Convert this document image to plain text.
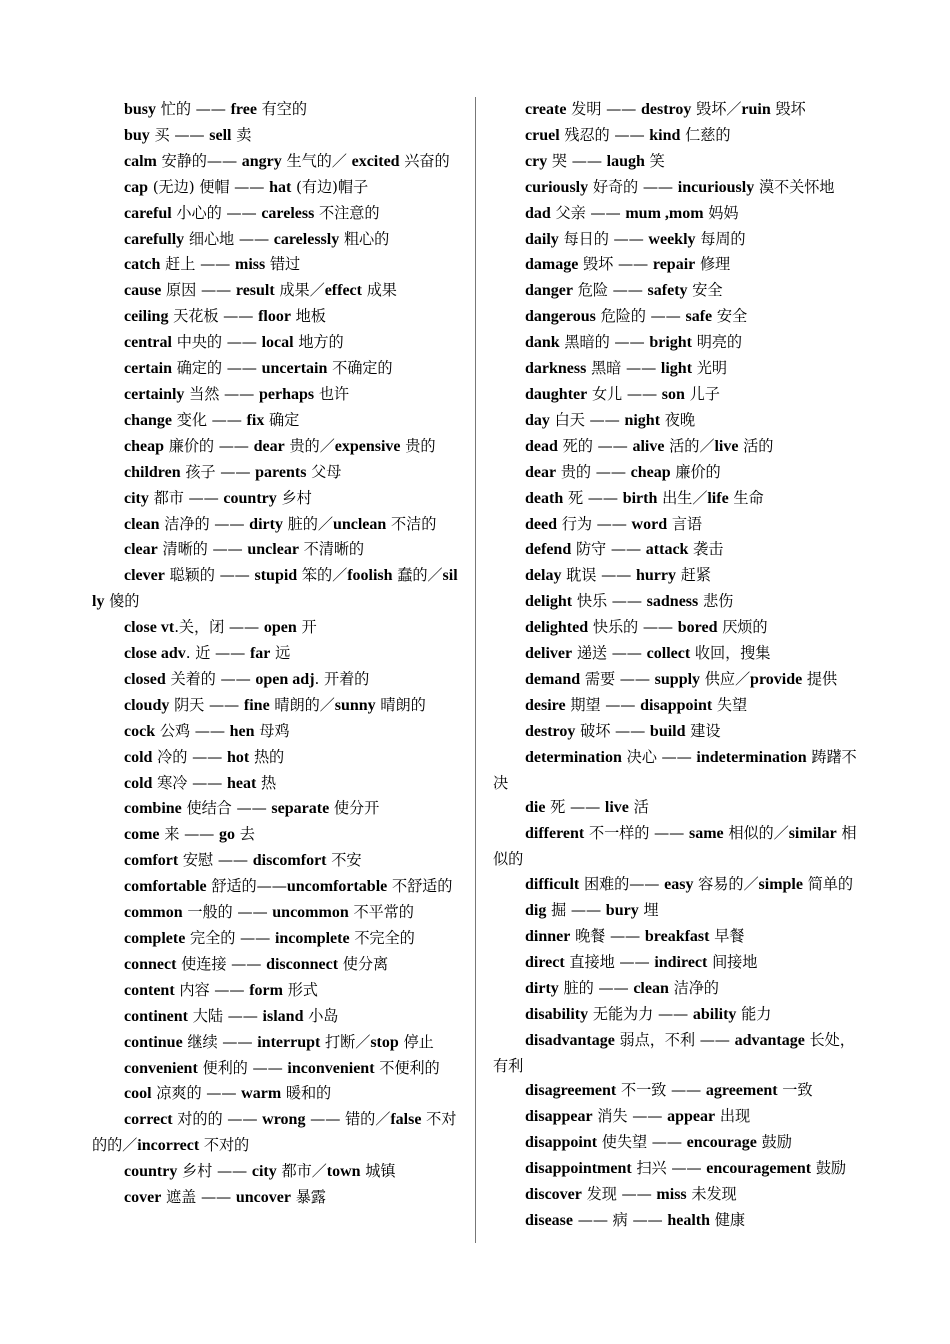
busy 忙的 —— free 有空的

buy 买 —— sell 卖

calm 安静的—— angry 生气的／ excited 兴奋的

cap (无边) 便帽 —— hat (有边)帽子

careful 小心的 —— careless 不注意的

carefully 细心地 —— carelessly 粗心的

catch 赶上 —— miss 错过

cause 原因 —— result 成果／effect 成果

ceiling 天花板 —— floor 地板

central 中央的 —— local 地方的

certain 确定的 —— uncertain 不确定的

certainly 当然 —— perhaps 也许

change 变化 —— fix 确定

cheap 廉价的 —— dear 贵的／expensive 贵的

children 孩子 —— parents 父母

city 都市 —— country 乡村

clean 洁净的 —— dirty 脏的／unclean 不洁的

clear 清晰的 —— unclear 不清晰的

clever 聪颖的 —— stupid 笨的／foolish 蠢的／silly 傻的

close vt.关，闭 —— open 开

close adv. 近 —— far 远

closed 关着的 —— open adj. 开着的

cloudy 阴天 —— fine 晴朗的／sunny 晴朗的

cock 公鸡 —— hen 母鸡

cold 冷的 —— hot 热的

cold 寒冷 —— heat 热

combine 使结合 —— separate 使分开

come 来 —— go 去

comfort 安慰 —— discomfort 不安

comfortable 舒适的——uncomfortable 不舒适的

common 一般的 —— uncommon 不平常的

complete 完全的 —— incomplete 不完全的

connect 使连接 —— disconnect 使分离

content 内容 —— form 形式

continent 大陆 —— island 小岛

continue 继续 —— interrupt 打断／stop 停止

convenient 便利的 —— inconvenient 不便利的

cool 凉爽的 —— warm 暖和的

correct 对的的 —— wrong —— 错的／false 不对的的／incorrect 不对的

country 乡村 —— city 都市／town 城镇

cover 遮盖 —— uncover 暴露

create 发明 —— destroy 毁坏／ruin 毁坏

cruel 残忍的 —— kind 仁慈的

cry 哭 —— laugh 笑

curiously 好奇的 —— incuriously 漠不关怀地

dad 父亲 —— mum ,mom 妈妈

daily 每日的 —— weekly 每周的

damage 毁坏 —— repair 修理

danger 危险 —— safety 安全

dangerous 危险的 —— safe 安全

dank 黑暗的 —— bright 明亮的

darkness 黑暗 —— light 光明

daughter 女儿 —— son 儿子

day 白天 —— night 夜晚

dead 死的 —— alive 活的／live 活的

dear 贵的 —— cheap 廉价的

death 死 —— birth 出生／life 生命

deed 行为 —— word 言语

defend 防守 —— attack 袭击

delay 耽误 —— hurry 赶紧

delight 快乐 —— sadness 悲伤

delighted 快乐的 —— bored 厌烦的

deliver 递送 —— collect 收回，搜集

demand 需要 —— supply 供应／provide 提供

desire 期望 —— disappoint 失望

destroy 破坏 —— build 建设

determination 决心 —— indetermination 踌躇不决

die 死 —— live 活

different 不一样的 —— same 相似的／similar 相似的

difficult 困难的—— easy 容易的／simple 简单的

dig 掘 —— bury 埋

dinner 晚餐 —— breakfast 早餐

direct 直接地 —— indirect 间接地

dirty 脏的 —— clean 洁净的

disability 无能为力 —— ability 能力

disadvantage 弱点，不利 —— advantage 长处，有利

disagreement 不一致 —— agreement 一致

disappear 消失 —— appear 出现

disappoint 使失望 —— encourage 鼓励

disappointment 扫兴 —— encouragement 鼓励

discover 发现 —— miss 未发现

disease —— 病 —— health 健康
